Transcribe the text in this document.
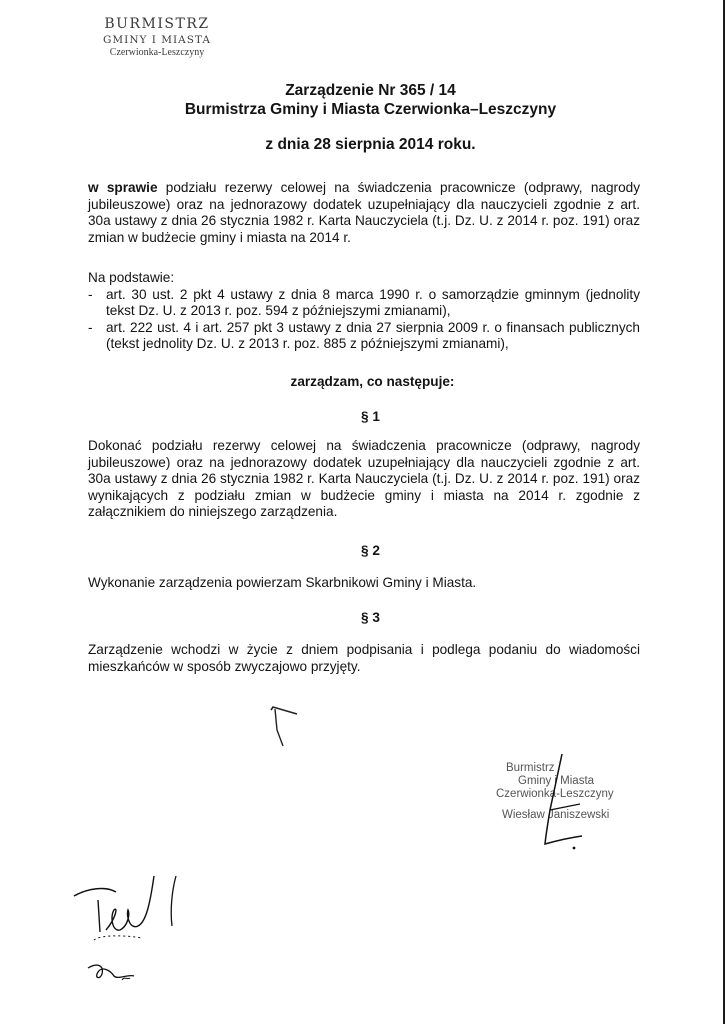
BURMISTRZ
GMINY I MIASTA
Czerwionka-Leszczyny
Zarządzenie Nr 365 / 14
Burmistrza Gminy i Miasta Czerwionka–Leszczyny
z dnia 28 sierpnia 2014 roku.
w sprawie podziału rezerwy celowej na świadczenia pracownicze (odprawy, nagrody jubileuszowe) oraz na jednorazowy dodatek uzupełniający dla nauczycieli zgodnie z art. 30a ustawy z dnia 26 stycznia 1982 r. Karta Nauczyciela (t.j. Dz. U. z 2014 r. poz. 191) oraz zmian w budżecie gminy i miasta na 2014 r.
Na podstawie:
- art. 30 ust. 2 pkt 4 ustawy z dnia 8 marca 1990 r. o samorządzie gminnym (jednolity tekst Dz. U. z 2013 r. poz. 594 z późniejszymi zmianami),
- art. 222 ust. 4 i art. 257 pkt 3 ustawy z dnia 27 sierpnia 2009 r. o finansach publicznych (tekst jednolity Dz. U. z 2013 r. poz. 885 z późniejszymi zmianami),
zarządzam, co następuje:
§ 1
Dokonać podziału rezerwy celowej na świadczenia pracownicze (odprawy, nagrody jubileuszowe) oraz na jednorazowy dodatek uzupełniający dla nauczycieli zgodnie z art. 30a ustawy z dnia 26 stycznia 1982 r. Karta Nauczyciela (t.j. Dz. U. z 2014 r. poz. 191) oraz wynikających z podziału zmian w budżecie gminy i miasta na 2014 r. zgodnie z załącznikiem do niniejszego zarządzenia.
§ 2
Wykonanie zarządzenia powierzam Skarbnikowi Gminy i Miasta.
§ 3
Zarządzenie wchodzi w życie z dniem podpisania i podlega podaniu do wiadomości mieszkańców w sposób zwyczajowo przyjęty.
Burmistrz
Gminy i Miasta
Czerwionka-Leszczyny
Wiesław Janiszewski
